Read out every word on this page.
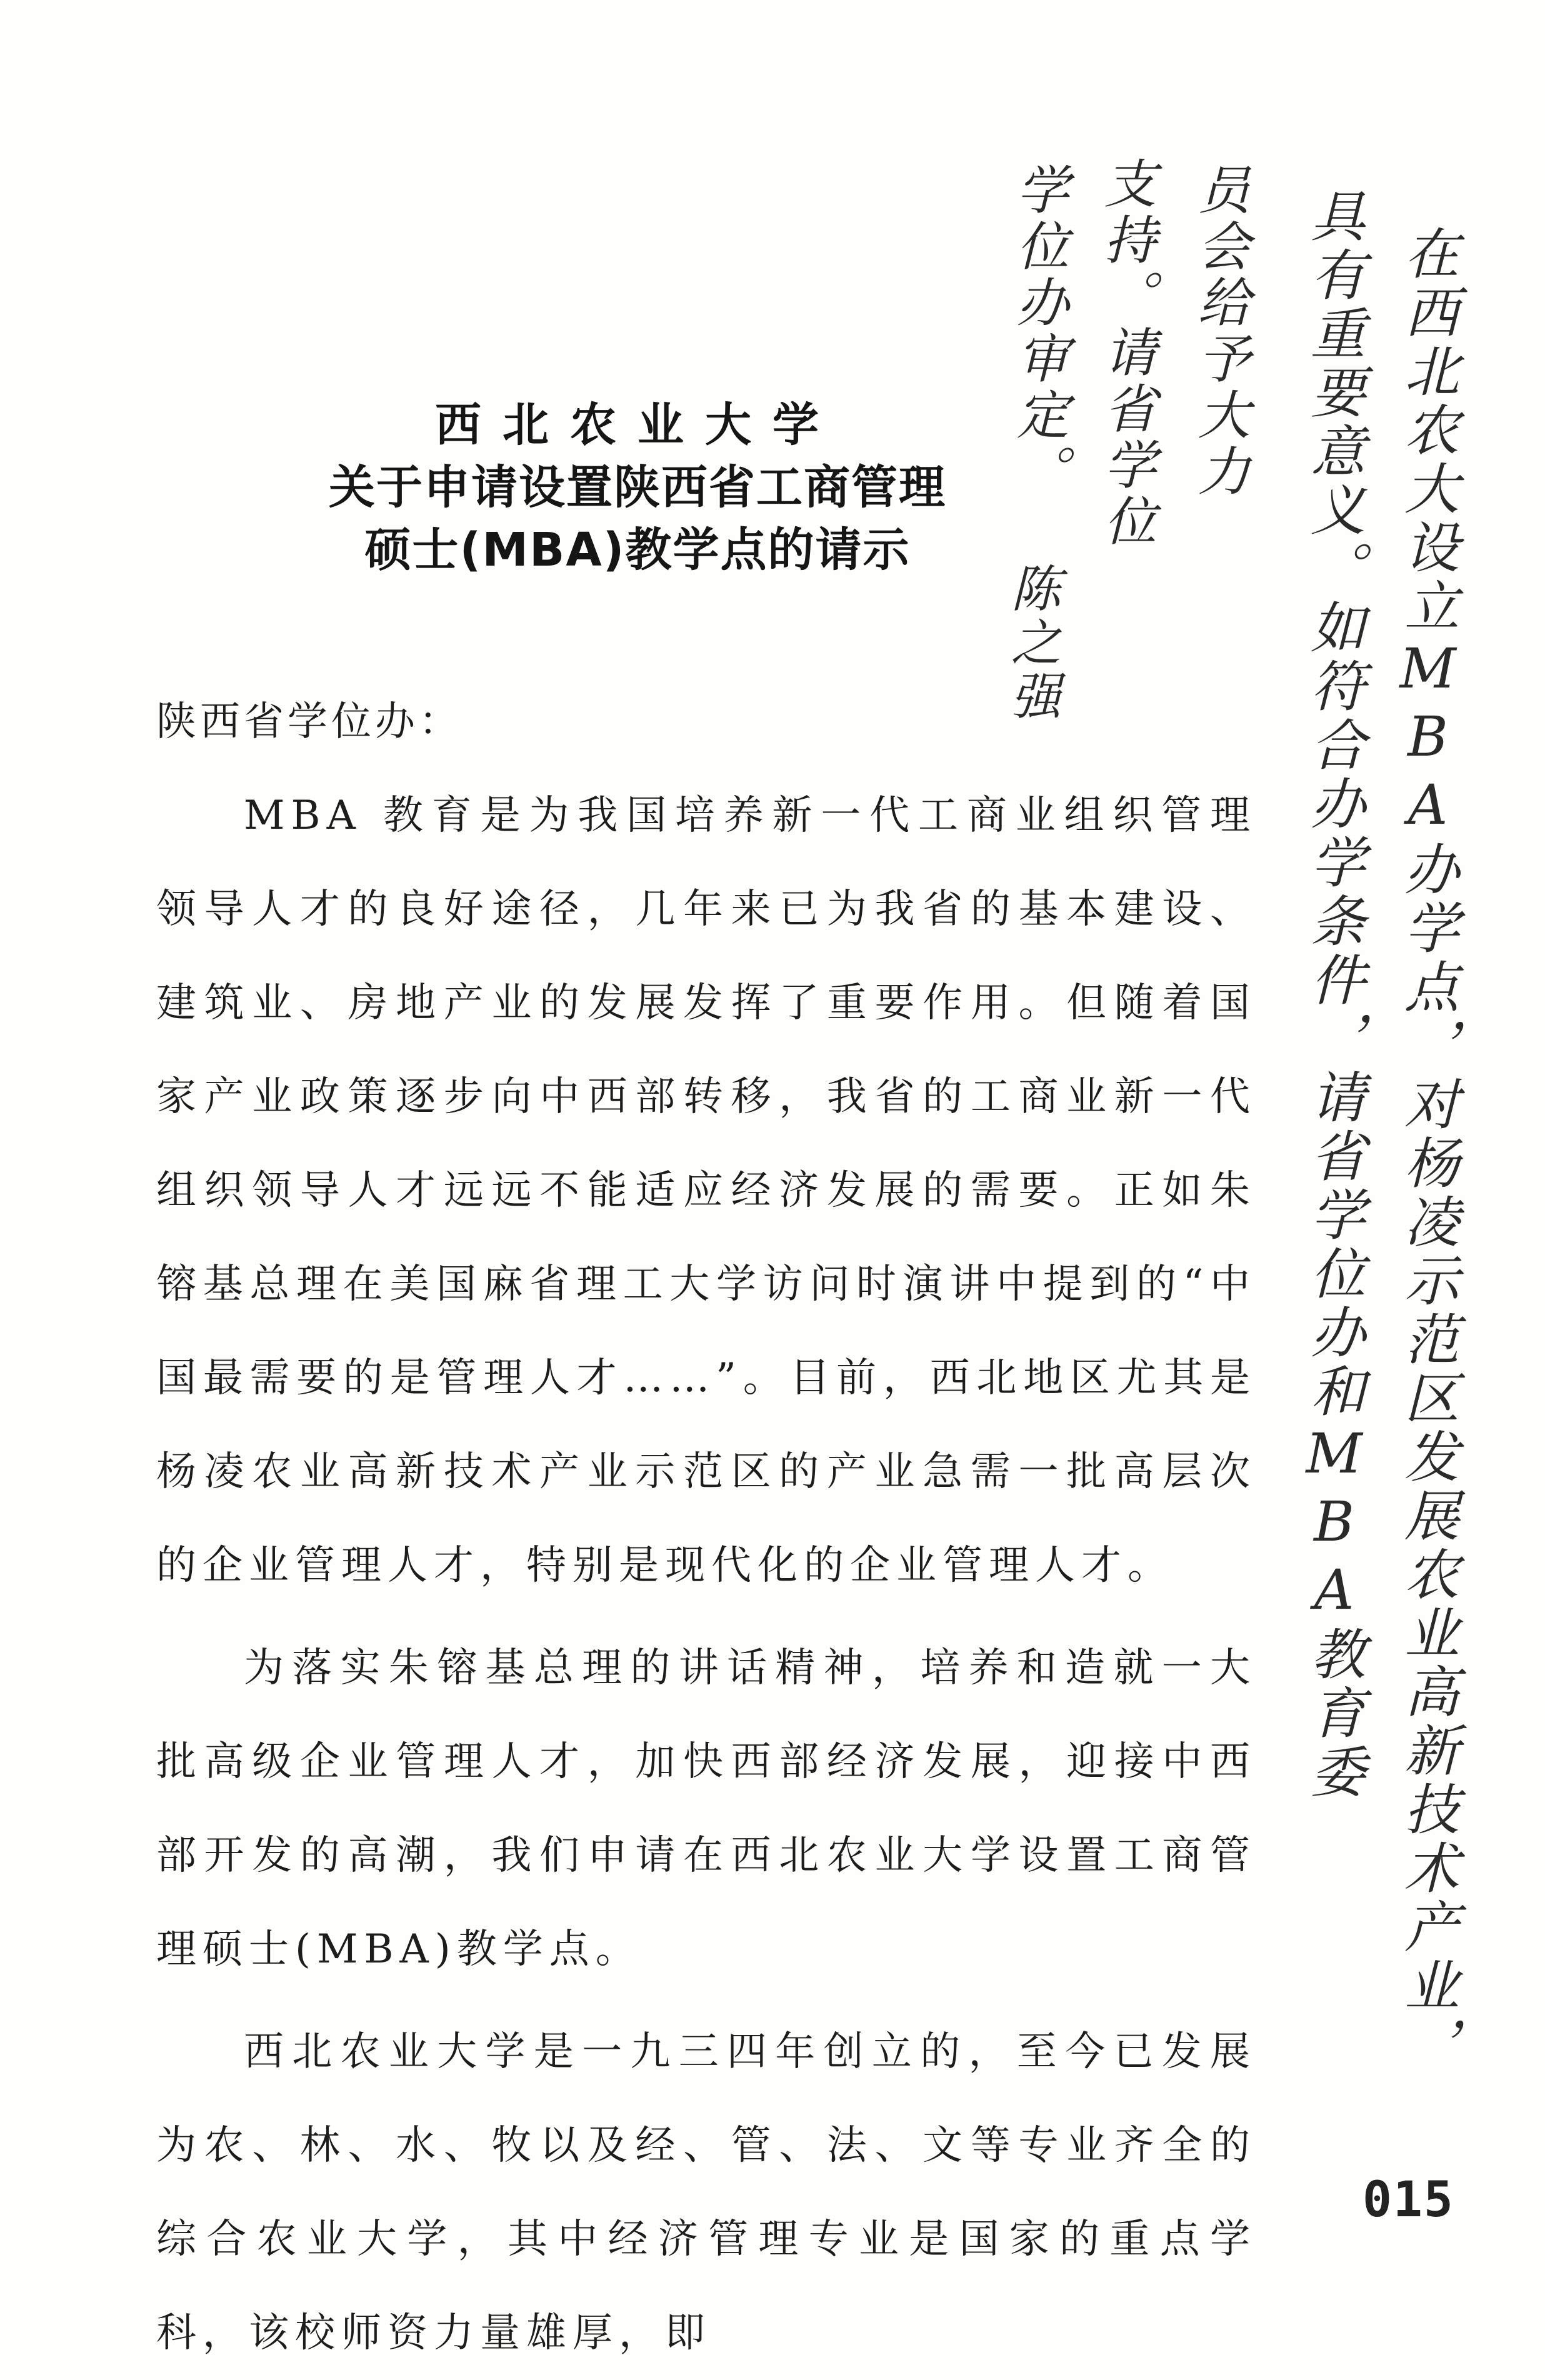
在西北农大设立MBA办学点，对杨凌示范区发展农业高新技术产业，
具有重要意义。如符合办学条件，请省学位办和MBA教育委
员会给予大力
支持。请省学位
学位办审定。
陈之强
西北农业大学
关于申请设置陕西省工商管理
硕士(MBA)教学点的请示
陕西省学位办：

MBA 教育是为我国培养新一代工商业组织管理领导人才的良好途径，几年来已为我省的基本建设、建筑业、房地产业的发展发挥了重要作用。但随着国家产业政策逐步向中西部转移，我省的工商业新一代组织领导人才远远不能适应经济发展的需要。正如朱镕基总理在美国麻省理工大学访问时演讲中提到的“中国最需要的是管理人才……”。目前，西北地区尤其是杨凌农业高新技术产业示范区的产业急需一批高层次的企业管理人才，特别是现代化的企业管理人才。

为落实朱镕基总理的讲话精神，培养和造就一大批高级企业管理人才，加快西部经济发展，迎接中西部开发的高潮，我们申请在西北农业大学设置工商管理硕士(MBA)教学点。

西北农业大学是一九三四年创立的，至今已发展为农、林、水、牧以及经、管、法、文等专业齐全的综合农业大学，其中经济管理专业是国家的重点学科，该校师资力量雄厚，即

015
